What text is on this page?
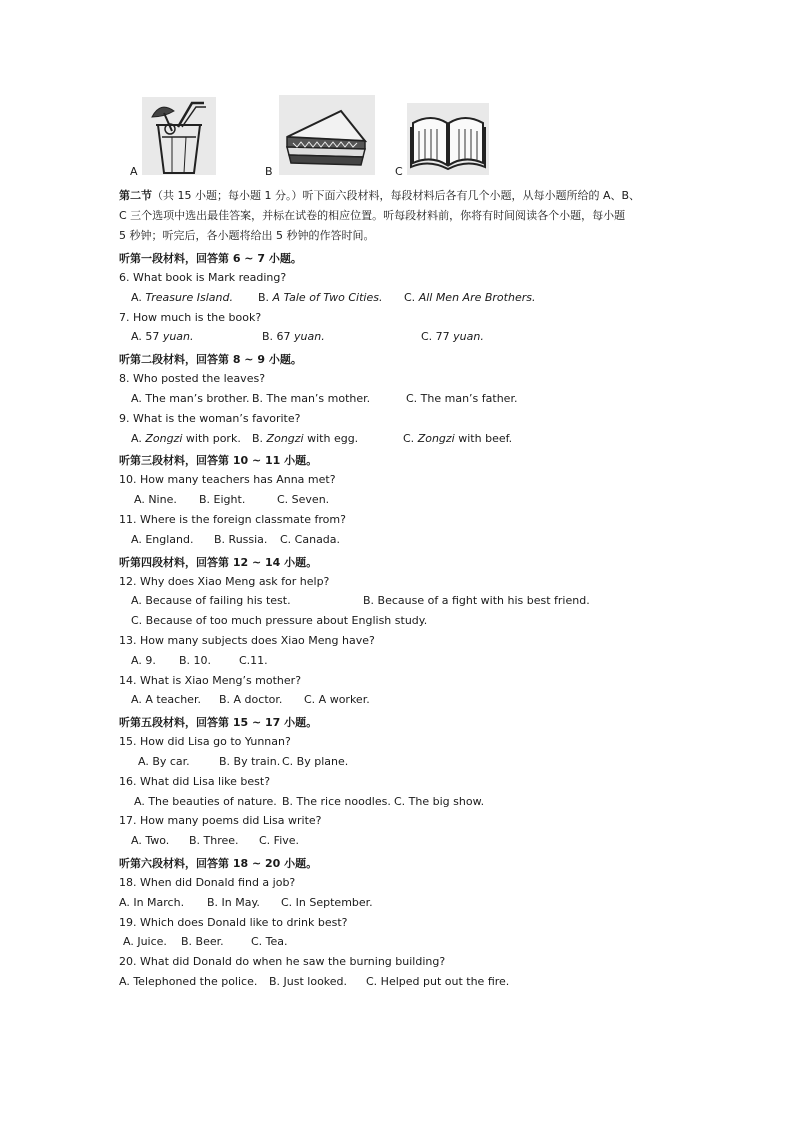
A	B	C
第二节（共 15 小题；每小题 1 分。）听下面六段材料，每段材料后各有几个小题，从每小题所给的 A、B、
C 三个选项中选出最佳答案，并标在试卷的相应位置。听每段材料前，你将有时间阅读各个小题，每小题
5 秒钟；听完后，各小题将给出 5 秒钟的作答时间。
听第一段材料，回答第 6 ~ 7 小题。
6. What book is Mark reading?
A. Treasure Island. B. A Tale of Two Cities. C. All Men Are Brothers.
7. How much is the book?
A. 57 yuan.	B. 67 yuan.	C. 77 yuan.
听第二段材料，回答第 8 ~ 9 小题。
8. Who posted the leaves?
A. The man’s brother. B. The man’s mother.	C. The man’s father.
9. What is the woman’s favorite?
A. Zongzi with pork. B. Zongzi with egg.	C. Zongzi with beef.
听第三段材料，回答第 10 ~ 11 小题。
10. How many teachers has Anna met?
A. Nine. B. Eight.	C. Seven.
11. Where is the foreign classmate from?
A. England. B. Russia. C. Canada.
听第四段材料，回答第 12 ~ 14 小题。
12. Why does Xiao Meng ask for help?
A. Because of failing his test.	B. Because of a fight with his best friend.
C. Because of too much pressure about English study.
13. How many subjects does Xiao Meng have?
A. 9. B. 10.	C.11.
14. What is Xiao Meng’s mother?
A. A teacher. B. A doctor. C. A worker.
听第五段材料，回答第 15 ~ 17 小题。
15. How did Lisa go to Yunnan?
A. By car.	B. By train. C. By plane.
16. What did Lisa like best?
A. The beauties of nature. B. The rice noodles. C. The big show.
17. How many poems did Lisa write?
A. Two. B. Three. C. Five.
听第六段材料，回答第 18 ~ 20 小题。
18. When did Donald find a job?
A. In March. B. In May. C. In September.
19. Which does Donald like to drink best?
A. Juice. B. Beer. C. Tea.
20. What did Donald do when he saw the burning building?
A. Telephoned the police. B. Just looked. C. Helped put out the fire.
